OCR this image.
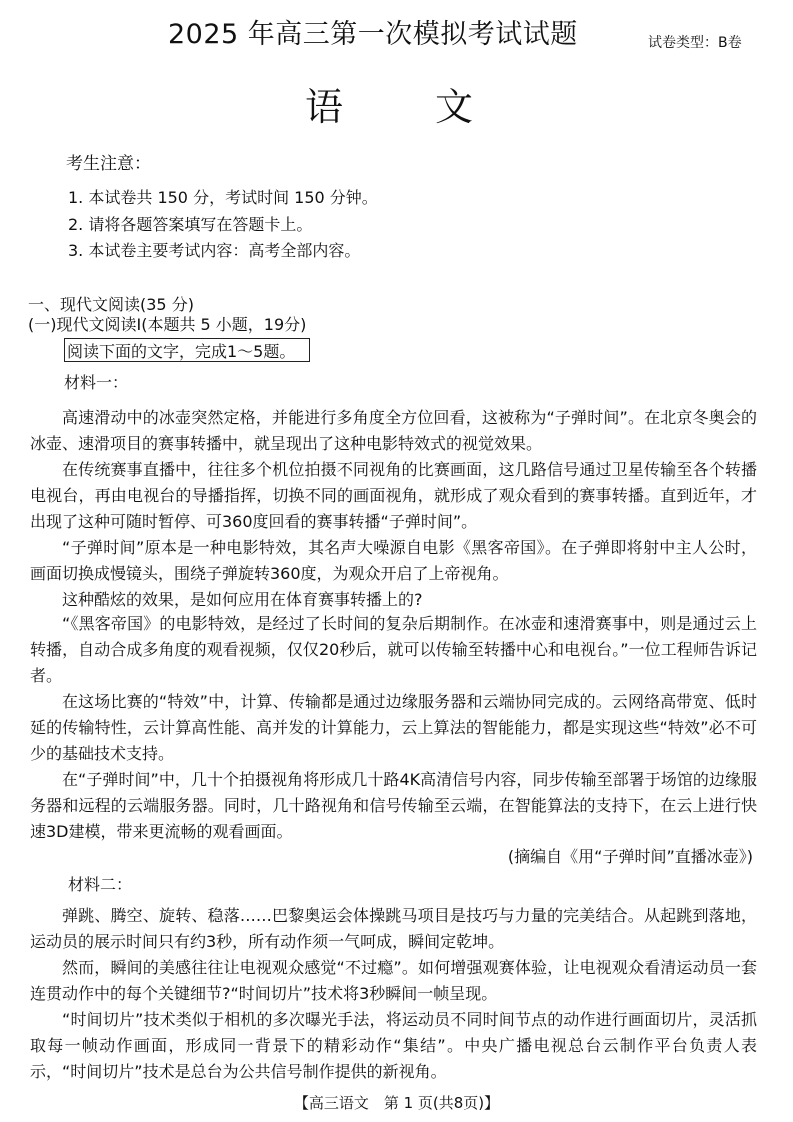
2025 年高三第一次模拟考试试题	试卷类型：B卷
语文
考生注意：
1. 本试卷共 150 分，考试时间 150 分钟。
2. 请将各题答案填写在答题卡上。
3. 本试卷主要考试内容：高考全部内容。
一、现代文阅读(35 分)
(一)现代文阅读Ⅰ(本题共 5 小题，19分)
阅读下面的文字，完成1～5题。
材料一：

高速滑动中的冰壶突然定格，并能进行多角度全方位回看，这被称为“子弹时间”。在北京冬奥会的冰壶、速滑项目的赛事转播中，就呈现出了这种电影特效式的视觉效果。

在传统赛事直播中，往往多个机位拍摄不同视角的比赛画面，这几路信号通过卫星传输至各个转播电视台，再由电视台的导播指挥，切换不同的画面视角，就形成了观众看到的赛事转播。直到近年，才出现了这种可随时暂停、可360度回看的赛事转播“子弹时间”。

“子弹时间”原本是一种电影特效，其名声大噪源自电影《黑客帝国》。在子弹即将射中主人公时，画面切换成慢镜头，围绕子弹旋转360度，为观众开启了上帝视角。

这种酷炫的效果，是如何应用在体育赛事转播上的?

“《黑客帝国》的电影特效，是经过了长时间的复杂后期制作。在冰壶和速滑赛事中，则是通过云上转播，自动合成多角度的观看视频，仅仅20秒后，就可以传输至转播中心和电视台。”一位工程师告诉记者。

在这场比赛的“特效”中，计算、传输都是通过边缘服务器和云端协同完成的。云网络高带宽、低时延的传输特性，云计算高性能、高并发的计算能力，云上算法的智能能力，都是实现这些“特效”必不可少的基础技术支持。

在“子弹时间”中，几十个拍摄视角将形成几十路4K高清信号内容，同步传输至部署于场馆的边缘服务器和远程的云端服务器。同时，几十路视角和信号传输至云端，在智能算法的支持下，在云上进行快速3D建模，带来更流畅的观看画面。

(摘编自《用“子弹时间”直播冰壶》)
材料二：

弹跳、腾空、旋转、稳落……巴黎奥运会体操跳马项目是技巧与力量的完美结合。从起跳到落地，运动员的展示时间只有约3秒，所有动作须一气呵成，瞬间定乾坤。

然而，瞬间的美感往往让电视观众感觉“不过瘾”。如何增强观赛体验，让电视观众看清运动员一套连贯动作中的每个关键细节?“时间切片”技术将3秒瞬间一帧呈现。

“时间切片”技术类似于相机的多次曝光手法，将运动员不同时间节点的动作进行画面切片，灵活抓取每一帧动作画面，形成同一背景下的精彩动作“集结”。中央广播电视总台云制作平台负责人表示，“时间切片”技术是总台为公共信号制作提供的新视角。

【高三语文　第 1 页(共8页)】
